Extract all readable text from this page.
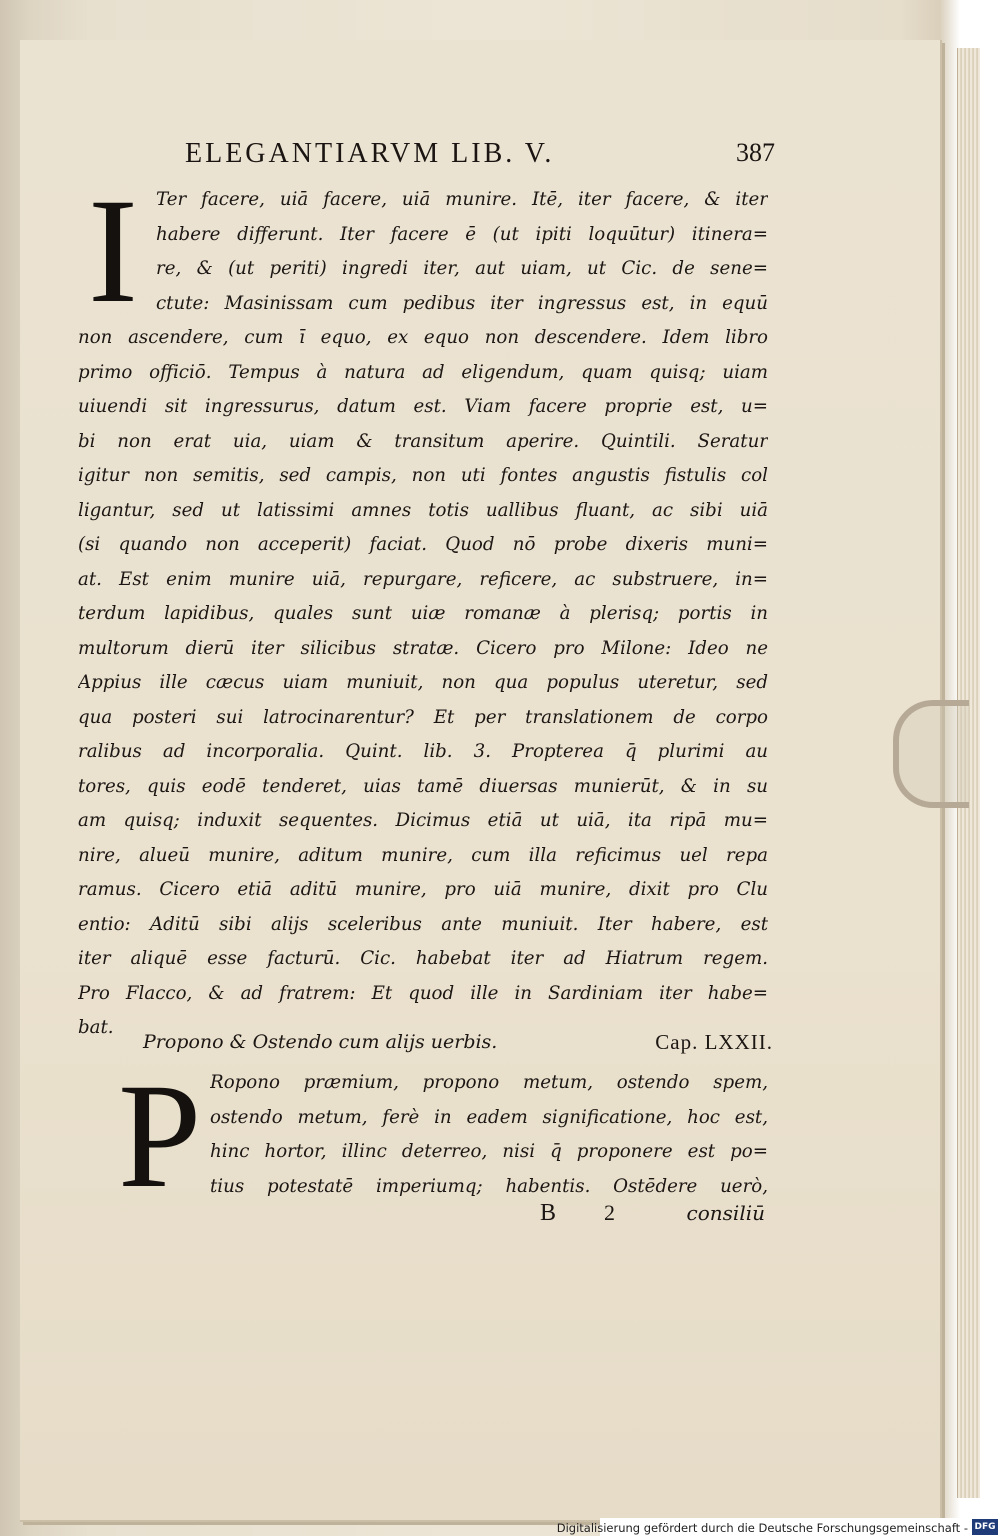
ELEGANTIARVM LIB. V.	387
I Ter facere, uiā facere, uiā munire. Itē, iter facere, & iter
habere differunt. Iter facere ē (ut ipiti loquūtur) itinera=
re, & (ut periti) ingredi iter, aut uiam, ut Cic. de sene=
ctute: Masinissam cum pedibus iter ingressus est, in equū
non ascendere, cum ī equo, ex equo non descendere. Idem libro
primo officiō. Tempus à natura ad eligendum, quam quisq; uiam
uiuendi sit ingressurus, datum est. Viam facere proprie est, u=
bi non erat uia, uiam & transitum aperire. Quintili. Seratur
igitur non semitis, sed campis, non uti fontes angustis fistulis col
ligantur, sed ut latissimi amnes totis uallibus fluant, ac sibi uiā
(si quando non acceperit) faciat. Quod nō probe dixeris muni=
at. Est enim munire uiā, repurgare, reficere, ac substruere, in=
terdum lapidibus, quales sunt uiæ romanæ à plerisq; portis in
multorum dierū iter silicibus stratæ. Cicero pro Milone: Ideo ne
Appius ille cæcus uiam muniuit, non qua populus uteretur, sed
qua posteri sui latrocinarentur? Et per translationem de corpo
ralibus ad incorporalia. Quint. lib. 3. Propterea q̄ plurimi au
tores, quis eodē tenderet, uias tamē diuersas munierūt, & in su
am quisq; induxit sequentes. Dicimus etiā ut uiā, ita ripā mu=
nire, alueū munire, aditum munire, cum illa reficimus uel repa
ramus. Cicero etiā aditū munire, pro uiā munire, dixit pro Clu
entio: Aditū sibi alijs sceleribus ante muniuit. Iter habere, est
iter aliquē esse facturū. Cic. habebat iter ad Hiatrum regem.
Pro Flacco, & ad fratrem: Et quod ille in Sardiniam iter habe=
bat.
Propono & Ostendo cum alijs uerbis.	Cap. LXXII.
P Ropono præmium, propono metum, ostendo spem,
ostendo metum, ferè in eadem significatione, hoc est,
hinc hortor, illinc deterreo, nisi q̄ proponere est po=
tius potestatē imperiumq; habentis. Ostēdere uerò,
B 2	consiliū
Digitalisierung gefördert durch die Deutsche Forschungsgemeinschaft - DFG
